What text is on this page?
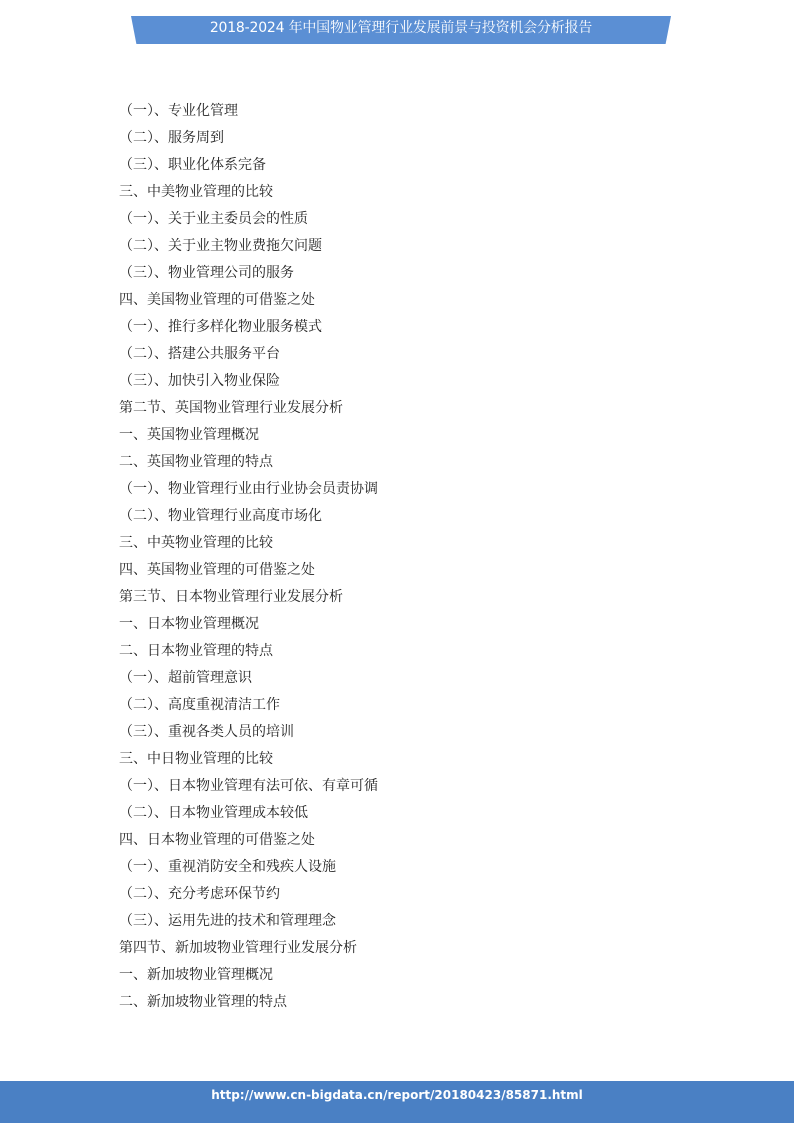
2018-2024 年中国物业管理行业发展前景与投资机会分析报告
（一）、专业化管理
（二）、服务周到
（三）、职业化体系完备
三、中美物业管理的比较
（一）、关于业主委员会的性质
（二）、关于业主物业费拖欠问题
（三）、物业管理公司的服务
四、美国物业管理的可借鉴之处
（一）、推行多样化物业服务模式
（二）、搭建公共服务平台
（三）、加快引入物业保险
第二节、英国物业管理行业发展分析
一、英国物业管理概况
二、英国物业管理的特点
（一）、物业管理行业由行业协会员责协调
（二）、物业管理行业高度市场化
三、中英物业管理的比较
四、英国物业管理的可借鉴之处
第三节、日本物业管理行业发展分析
一、日本物业管理概况
二、日本物业管理的特点
（一）、超前管理意识
（二）、高度重视清洁工作
（三）、重视各类人员的培训
三、中日物业管理的比较
（一）、日本物业管理有法可依、有章可循
（二）、日本物业管理成本较低
四、日本物业管理的可借鉴之处
（一）、重视消防安全和残疾人设施
（二）、充分考虑环保节约
（三）、运用先进的技术和管理理念
第四节、新加坡物业管理行业发展分析
一、新加坡物业管理概况
二、新加坡物业管理的特点
http://www.cn-bigdata.cn/report/20180423/85871.html
